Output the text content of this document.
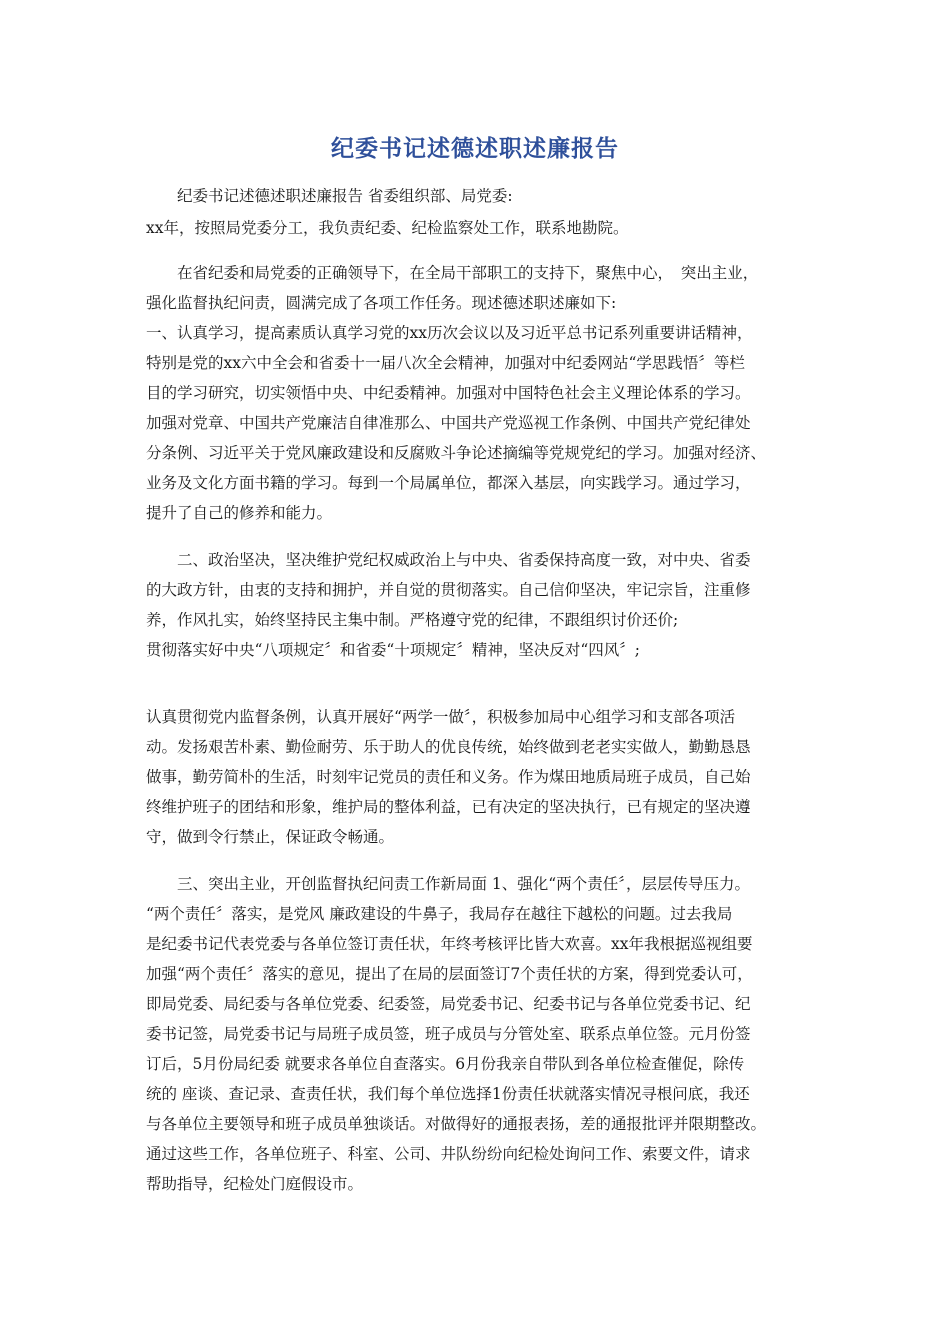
纪委书记述德述职述廉报告
　　纪委书记述德述职述廉报告 省委组织部、局党委:
xx年，按照局党委分工，我负责纪委、纪检监察处工作，联系地勘院。
　　在省纪委和局党委的正确领导下，在全局干部职工的支持下，聚焦中心，　突出主业，
强化监督执纪问责，圆满完成了各项工作任务。现述德述职述廉如下:
一、认真学习，提高素质认真学习党的xx历次会议以及习近平总书记系列重要讲话精神，
特别是党的xx六中全会和省委十一届八次全会精神，加强对中纪委网站“学思践悟〞等栏
目的学习研究，切实领悟中央、中纪委精神。加强对中国特色社会主义理论体系的学习。
加强对党章、中国共产党廉洁自律准那么、中国共产党巡视工作条例、中国共产党纪律处
分条例、习近平关于党风廉政建设和反腐败斗争论述摘编等党规党纪的学习。加强对经济、
业务及文化方面书籍的学习。每到一个局属单位，都深入基层，向实践学习。通过学习，
提升了自己的修养和能力。
　　二、政治坚决，坚决维护党纪权威政治上与中央、省委保持高度一致，对中央、省委
的大政方针，由衷的支持和拥护，并自觉的贯彻落实。自己信仰坚决，牢记宗旨，注重修
养，作风扎实，始终坚持民主集中制。严格遵守党的纪律，不跟组织讨价还价;
贯彻落实好中央“八项规定〞和省委“十项规定〞精神，坚决反对“四风〞;
认真贯彻党内监督条例，认真开展好“两学一做〞，积极参加局中心组学习和支部各项活
动。发扬艰苦朴素、勤俭耐劳、乐于助人的优良传统，始终做到老老实实做人，勤勤恳恳
做事，勤劳简朴的生活，时刻牢记党员的责任和义务。作为煤田地质局班子成员，自己始
终维护班子的团结和形象，维护局的整体利益，已有决定的坚决执行，已有规定的坚决遵
守，做到令行禁止，保证政令畅通。
　　三、突出主业，开创监督执纪问责工作新局面 1、强化“两个责任〞，层层传导压力。
“两个责任〞落实，是党风 廉政建设的牛鼻子，我局存在越往下越松的问题。过去我局
是纪委书记代表党委与各单位签订责任状，年终考核评比皆大欢喜。xx年我根据巡视组要
加强“两个责任〞落实的意见，提出了在局的层面签订7个责任状的方案，得到党委认可，
即局党委、局纪委与各单位党委、纪委签，局党委书记、纪委书记与各单位党委书记、纪
委书记签，局党委书记与局班子成员签，班子成员与分管处室、联系点单位签。元月份签
订后，5月份局纪委 就要求各单位自查落实。6月份我亲自带队到各单位检查催促，除传
统的 座谈、查记录、查责任状，我们每个单位选择1份责任状就落实情况寻根问底，我还
与各单位主要领导和班子成员单独谈话。对做得好的通报表扬，差的通报批评并限期整改。
通过这些工作，各单位班子、科室、公司、井队纷纷向纪检处询问工作、索要文件，请求
帮助指导，纪检处门庭假设市。
